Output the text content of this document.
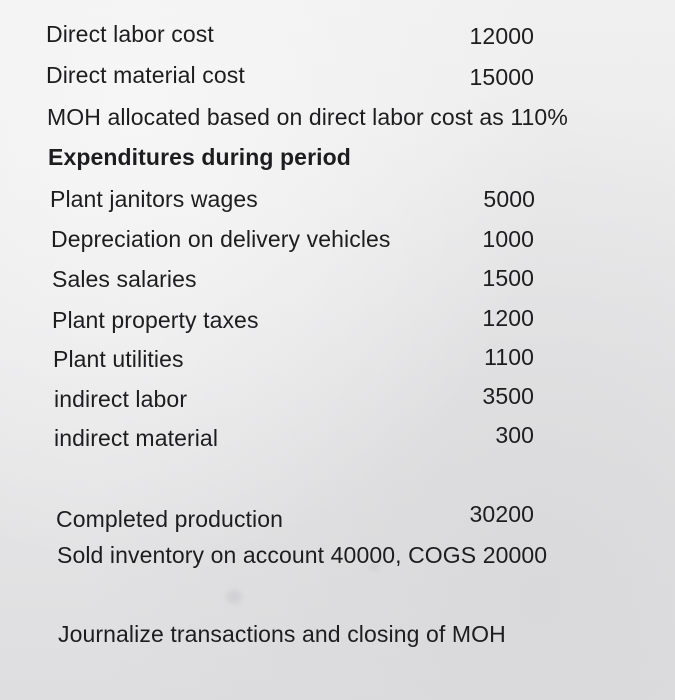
Direct labor cost	12000
Direct material cost	15000
MOH allocated based on direct labor cost as 110%
Expenditures during period
Plant janitors wages	5000
Depreciation on delivery vehicles	1000
Sales salaries	1500
Plant property taxes	1200
Plant utilities	1100
indirect labor	3500
indirect material	300
Completed production	30200
Sold inventory on account 40000, COGS 20000
Journalize transactions and closing of MOH
